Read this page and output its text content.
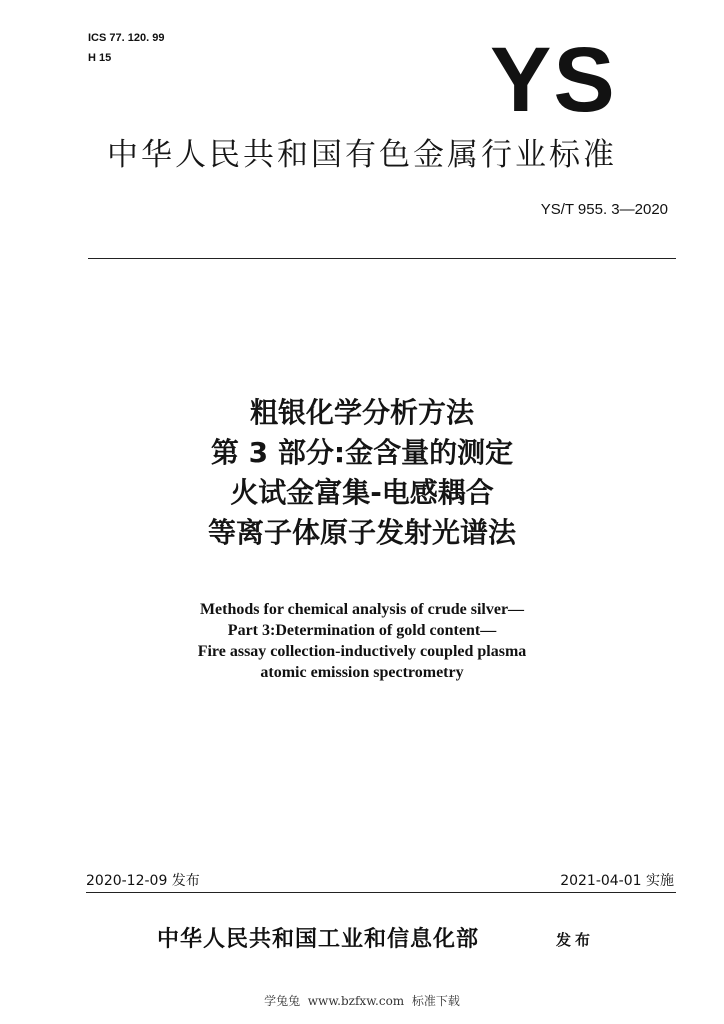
ICS 77. 120. 99
H 15	YS
中华人民共和国有色金属行业标准
YS/T 955. 3—2020
粗银化学分析方法
第 3 部分:金含量的测定
火试金富集-电感耦合
等离子体原子发射光谱法
Methods for chemical analysis of crude silver—
Part 3:Determination of gold content—
Fire assay collection-inductively coupled plasma
atomic emission spectrometry
2020-12-09 发布	2021-04-01 实施
中华人民共和国工业和信息化部	发布
学兔兔  www.bzfxw.com  标准下载
